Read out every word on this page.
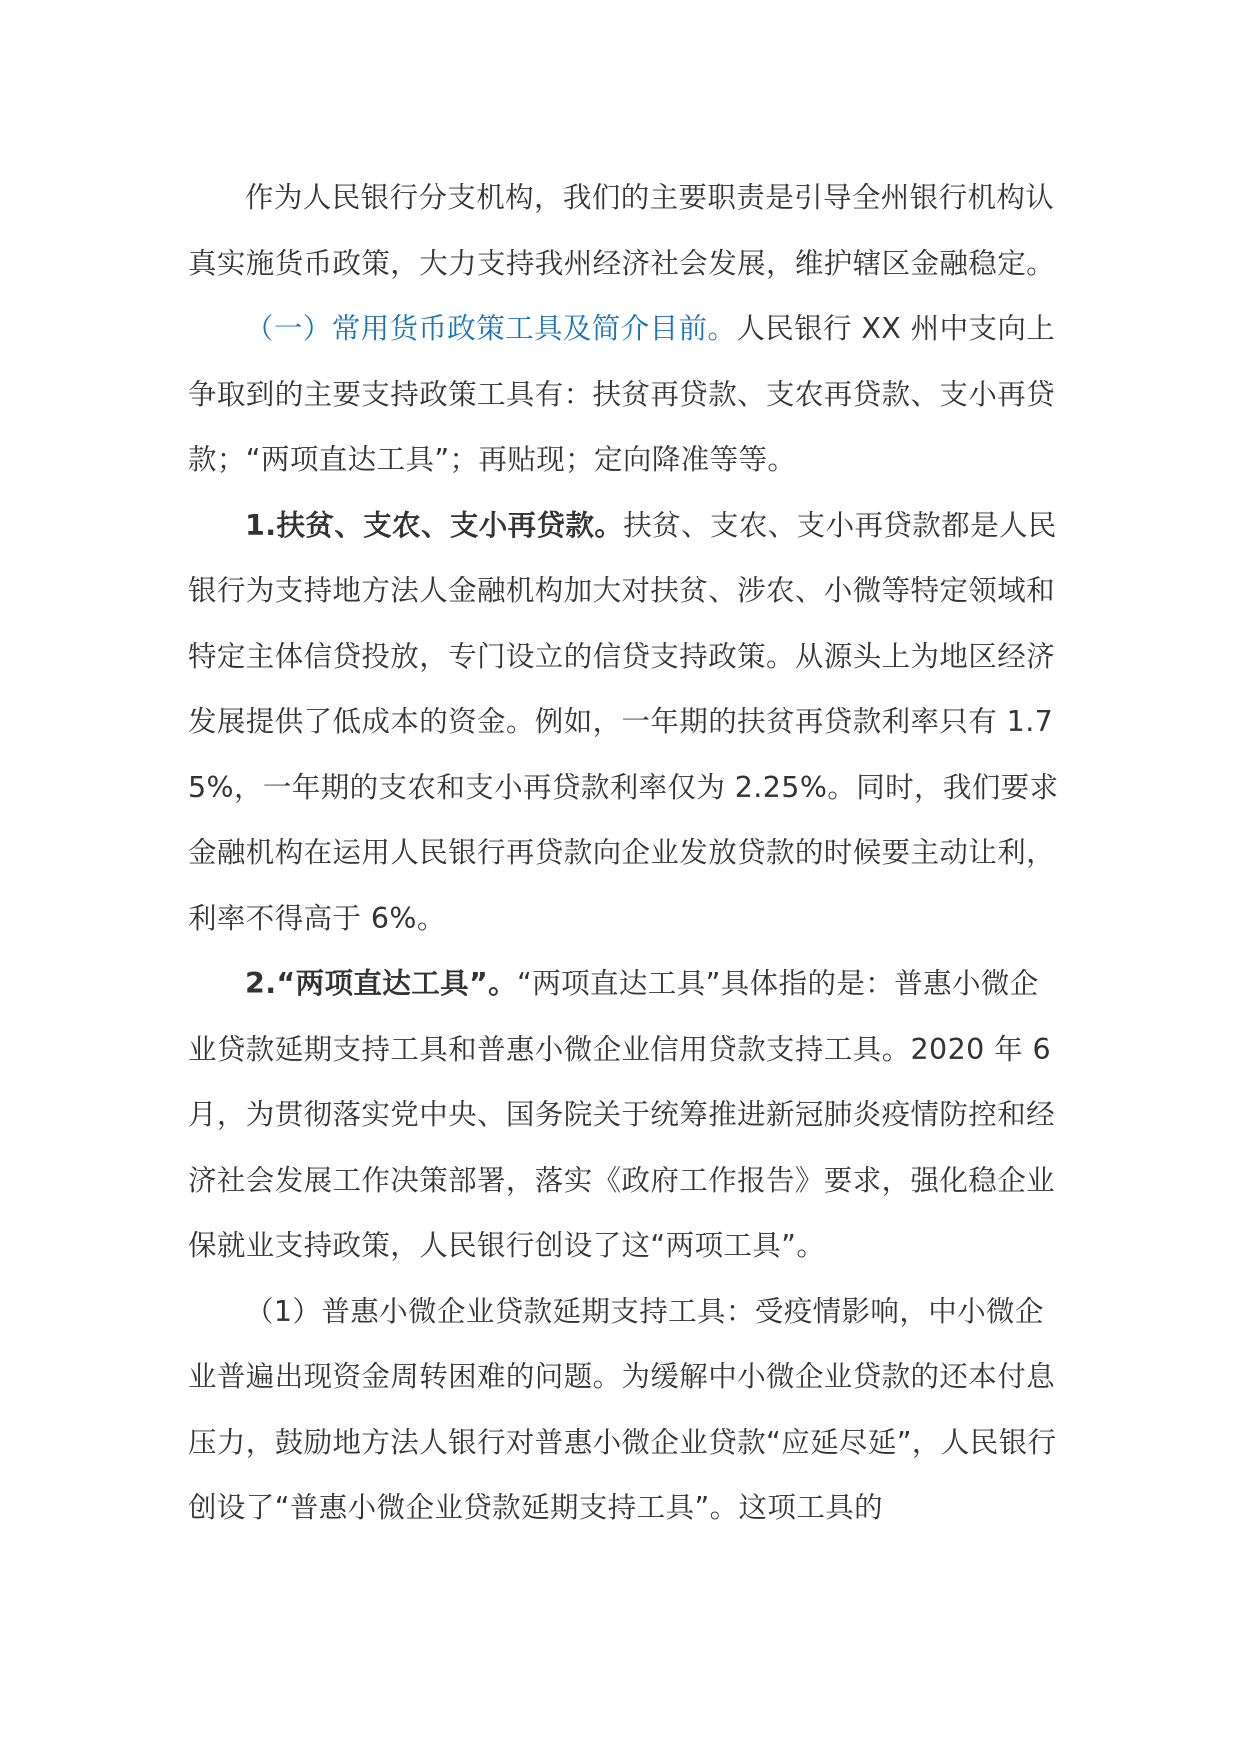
作为人民银行分支机构，我们的主要职责是引导全州银行机构认真实施货币政策，大力支持我州经济社会发展，维护辖区金融稳定。

（一）常用货币政策工具及简介目前。人民银行 XX 州中支向上争取到的主要支持政策工具有：扶贫再贷款、支农再贷款、支小再贷款；“两项直达工具”；再贴现；定向降准等等。

1.扶贫、支农、支小再贷款。扶贫、支农、支小再贷款都是人民银行为支持地方法人金融机构加大对扶贫、涉农、小微等特定领域和特定主体信贷投放，专门设立的信贷支持政策。从源头上为地区经济发展提供了低成本的资金。例如，一年期的扶贫再贷款利率只有 1.75%，一年期的支农和支小再贷款利率仅为 2.25%。同时，我们要求金融机构在运用人民银行再贷款向企业发放贷款的时候要主动让利，利率不得高于 6%。

2.“两项直达工具”。“两项直达工具”具体指的是：普惠小微企业贷款延期支持工具和普惠小微企业信用贷款支持工具。2020 年 6 月，为贯彻落实党中央、国务院关于统筹推进新冠肺炎疫情防控和经济社会发展工作决策部署，落实《政府工作报告》要求，强化稳企业保就业支持政策，人民银行创设了这“两项工具”。

（1）普惠小微企业贷款延期支持工具：受疫情影响，中小微企业普遍出现资金周转困难的问题。为缓解中小微企业贷款的还本付息压力，鼓励地方法人银行对普惠小微企业贷款“应延尽延”，人民银行创设了“普惠小微企业贷款延期支持工具”。这项工具的
